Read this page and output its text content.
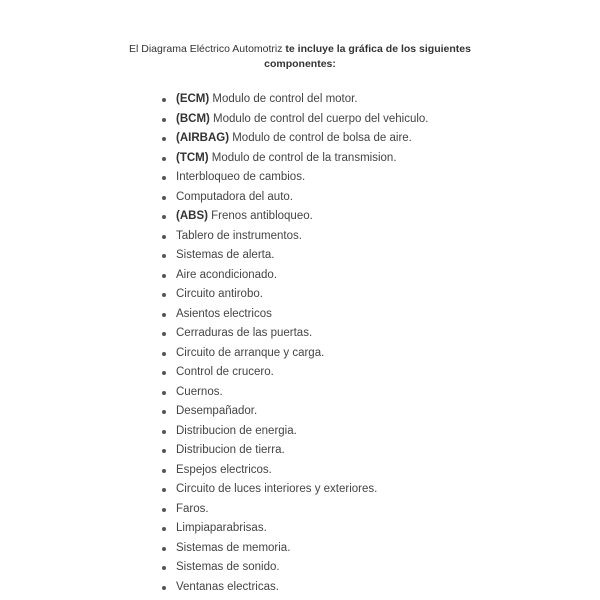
El Diagrama Eléctrico Automotriz te incluye la gráfica de los siguientes
componentes:
(ECM) Modulo de control del motor.
(BCM) Modulo de control del cuerpo del vehiculo.
(AIRBAG) Modulo de control de bolsa de aire.
(TCM) Modulo de control de la transmision.
Interbloqueo de cambios.
Computadora del auto.
(ABS) Frenos antibloqueo.
Tablero de instrumentos.
Sistemas de alerta.
Aire acondicionado.
Circuito antirobo.
Asientos electricos
Cerraduras de las puertas.
Circuito de arranque y carga.
Control de crucero.
Cuernos.
Desempañador.
Distribucion de energia.
Distribucion de tierra.
Espejos electricos.
Circuito de luces interiores y exteriores.
Faros.
Limpiaparabrisas.
Sistemas de memoria.
Sistemas de sonido.
Ventanas electricas.
